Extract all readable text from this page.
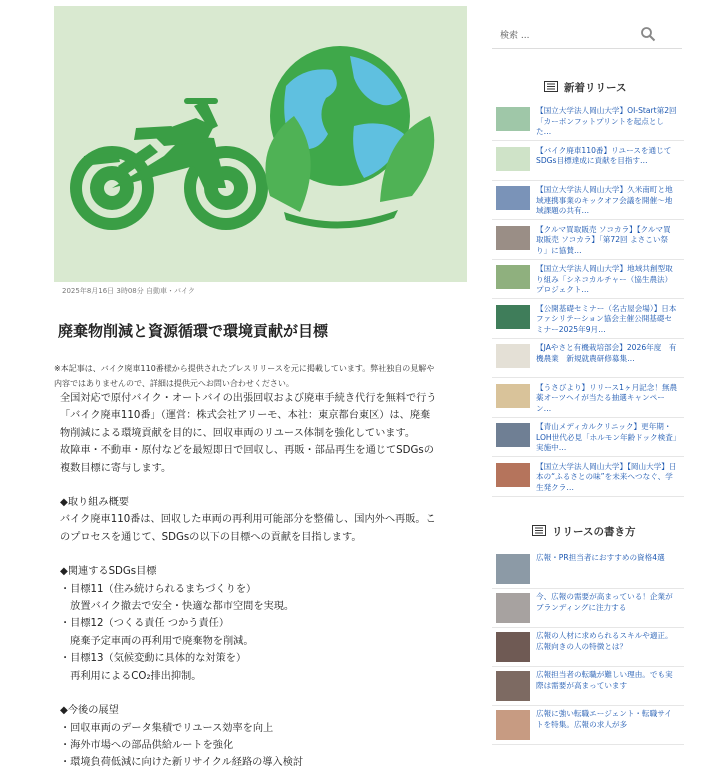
2025年8月16日 3時08分 自動車・バイク
廃棄物削減と資源循環で環境貢献が目標
※本記事は、バイク廃車110番様から提供されたプレスリリースを元に掲載しています。弊社独自の見解や
内容ではありませんので、詳細は提供元へお問い合わせください。

全国対応で原付バイク・オートバイの出張回収および廃車手続き代行を無料で行う

「バイク廃車110番」（運営：株式会社アリーモ、本社：東京都台東区）は、廃棄

物削減による環境貢献を目的に、回収車両のリユース体制を強化しています。

故障車・不動車・原付などを最短即日で回収し、再販・部品再生を通じてSDGsの

複数目標に寄与します。

◆取り組み概要

バイク廃車110番は、回収した車両の再利用可能部分を整備し、国内外へ再販。こ

のプロセスを通じて、SDGsの以下の目標への貢献を目指します。

◆関連するSDGs目標

・目標11（住み続けられるまちづくりを）

　放置バイク撤去で安全・快適な都市空間を実現。

・目標12（つくる責任 つかう責任）

　廃棄予定車両の再利用で廃棄物を削減。

・目標13（気候変動に具体的な対策を）

　再利用によるCO₂排出抑制。

◆今後の展望

・回収車両のデータ集積でリユース効率を向上

・海外市場への部品供給ルートを強化

・環境負荷低減に向けた新リサイクル経路の導入検討

検索 ...
新着リリース
【国立大学法人岡山大学】OI-Start第2回「カーボンフットプリントを起点とした…
【バイク廃車110番】リユースを通じてSDGs目標達成に貢献を目指す…
【国立大学法人岡山大学】久米南町と地域連携事業のキックオフ会議を開催～地域課題の共有…
【クルマ買取販売 ソコカラ】【クルマ買取販売 ソコカラ】「第72回 よさこい祭り」に協賛…
【国立大学法人岡山大学】地域共創型取り組み「シネコカルチャー（協生農法）プロジェクト…
【公開基礎セミナー（名古屋会場）】日本ファシリテーション協会主催公開基礎セミナー2025年9月…
【JAやさと有機栽培部会】2026年度　有機農業　新規就農研修募集…
【うさびより】リリース1ヶ月記念！無農薬オーツヘイが当たる抽選キャンペーン…
【青山メディカルクリニック】更年期・LOH世代必見「ホルモン年齢ドック検査」実施中…
【国立大学法人岡山大学】【岡山大学】日本の“ふるさとの味”を未来へつなぐ、学生発クラ…
リリースの書き方
広報・PR担当者におすすめの資格4選
今、広報の需要が高まっている！企業がブランディングに注力する
広報の人材に求められるスキルや適正。広報向きの人の特徴とは？
広報担当者の転職が難しい理由。でも実際は需要が高まっています
広報に強い転職エージェント・転職サイトを特集。広報の求人が多
